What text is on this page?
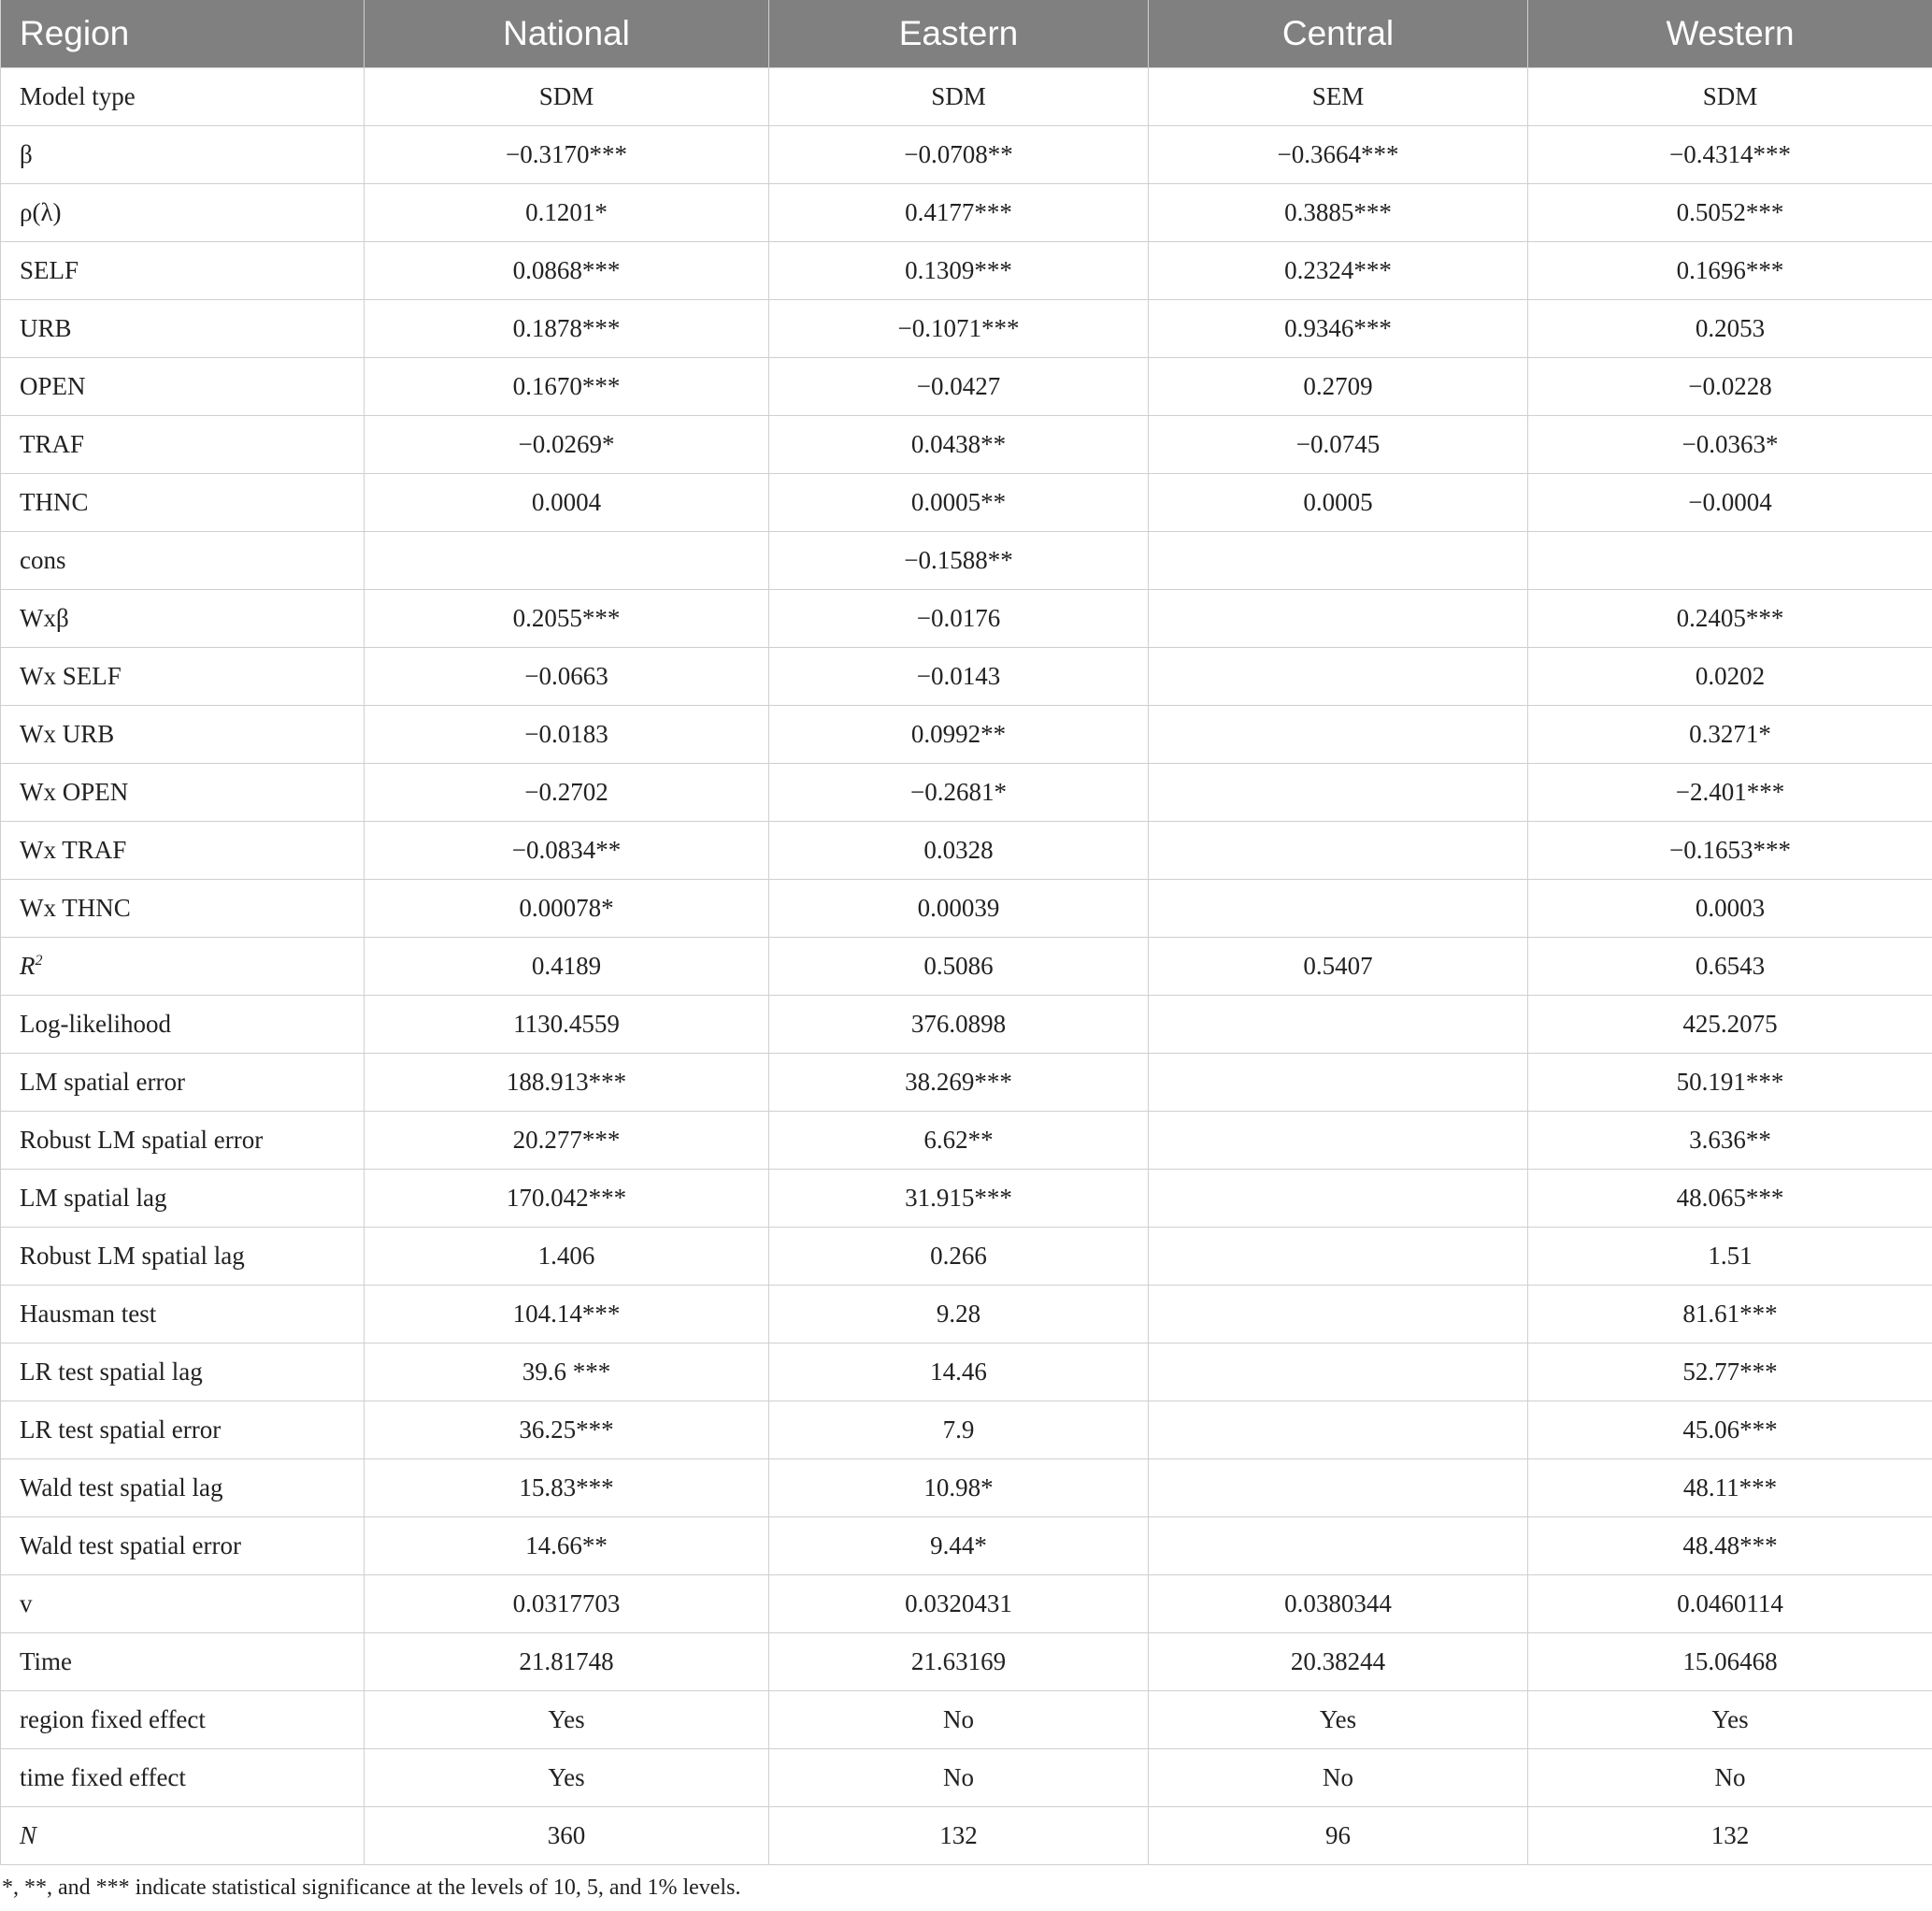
Region	National	Eastern	Central	Western
Model type	SDM	SDM	SEM	SDM
β	−0.3170***	−0.0708**	−0.3664***	−0.4314***
ρ(λ)	0.1201*	0.4177***	0.3885***	0.5052***
SELF	0.0868***	0.1309***	0.2324***	0.1696***
URB	0.1878***	−0.1071***	0.9346***	0.2053
OPEN	0.1670***	−0.0427	0.2709	−0.0228
TRAF	−0.0269*	0.0438**	−0.0745	−0.0363*
THNC	0.0004	0.0005**	0.0005	−0.0004
cons		−0.1588**		
Wxβ	0.2055***	−0.0176		0.2405***
Wx SELF	−0.0663	−0.0143		0.0202
Wx URB	−0.0183	0.0992**		0.3271*
Wx OPEN	−0.2702	−0.2681*		−2.401***
Wx TRAF	−0.0834**	0.0328		−0.1653***
Wx THNC	0.00078*	0.00039		0.0003
$R^2$	0.4189	0.5086	0.5407	0.6543
Log-likelihood	1130.4559	376.0898		425.2075
LM spatial error	188.913***	38.269***		50.191***
Robust LM spatial error	20.277***	6.62**		3.636**
LM spatial lag	170.042***	31.915***		48.065***
Robust LM spatial lag	1.406	0.266		1.51
Hausman test	104.14***	9.28		81.61***
LR test spatial lag	39.6 ***	14.46		52.77***
LR test spatial error	36.25***	7.9		45.06***
Wald test spatial lag	15.83***	10.98*		48.11***
Wald test spatial error	14.66**	9.44*		48.48***
v	0.0317703	0.0320431	0.0380344	0.0460114
Time	21.81748	21.63169	20.38244	15.06468
region fixed effect	Yes	No	Yes	Yes
time fixed effect	Yes	No	No	No
N	360	132	96	132
*, **, and *** indicate statistical significance at the levels of 10, 5, and 1% levels.
